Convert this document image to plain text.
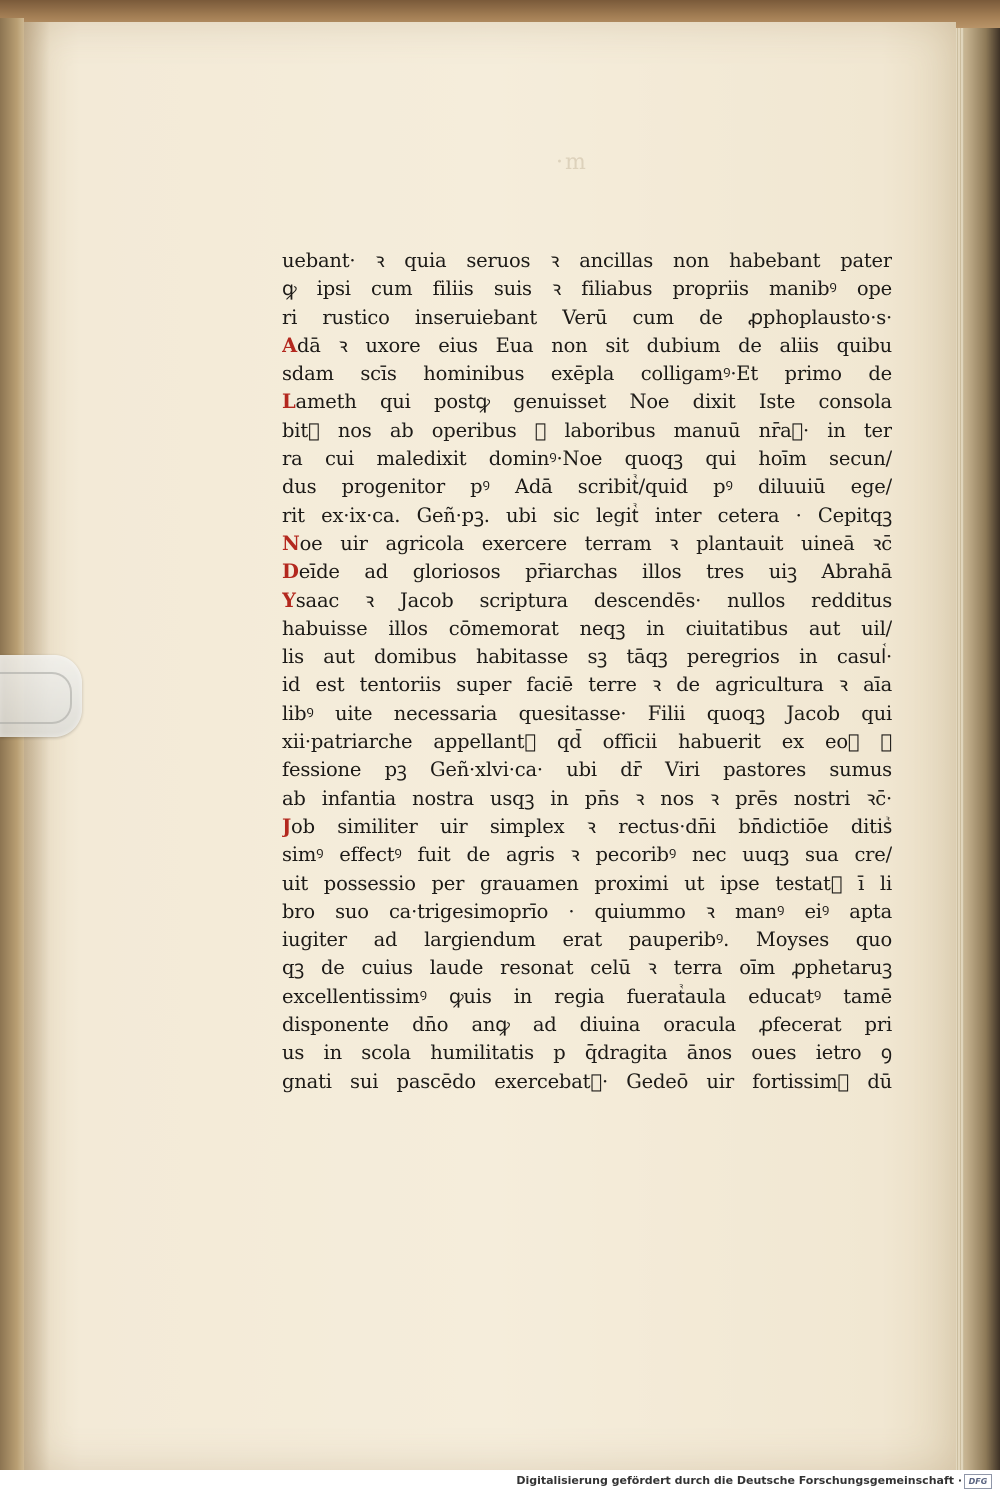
·m
uebant· ꝛ quia seruos ꝛ ancillas non habebant pater
ꝙ ipsi cum filiis suis ꝛ filiabus propriis manibꝰ ope
ri rustico inseruiebant Verū cum de ꝓphoplausto·s·
Adā ꝛ uxore eius Eua non sit dubium de aliis quibu
sdam scīs hominibus exēpla colligamꝰ·Et primo de
Lameth qui postꝙ genuisset Noe dixit Iste consola
bitᷣ nos ab operibus ꝛ laboribus manuū nr̄aꝝ· in ter
ra cui maledixit dominꝰ·Noe quoqꝫ qui hoīm secun/
dus progenitor pꝰ Adā scribitᷣ/quid pꝰ diluuiū ege/
rit ex·ix·ca. Geñ·pꝫ. ubi sic legitᷣ inter cetera · Cepitqꝫ
Noe uir agricola exercere terram ꝛ plantauit uineā ꝛc̄
Deīde ad gloriosos pr̄iarchas illos tres uiꝫ Abrahā
Ysaac ꝛ Jacob scriptura descendēs· nullos redditus
habuisse illos cōmemorat neqꝫ in ciuitatibus aut uil/
lis aut domibus habitasse sꝫ tāqꝫ peregrios in casulᷣ·
id est tentoriis super faciē terre ꝛ de agricultura ꝛ aīa
libꝰ uite necessaria quesitasse· Filii quoqꝫ Jacob qui
xii·patriarche appellantᷣ qd̄ officii habuerit ex eoꝝ ꝯ
fessione pꝫ Geñ·xlvi·ca· ubi dr̄ Viri pastores sumus
ab infantia nostra usqꝫ in pn̄s ꝛ nos ꝛ prēs nostri ꝛc̄·
Job similiter uir simplex ꝛ rectus·dn̄i bn̄dictiōe ditisᷣ
simꝰ effectꝰ fuit de agris ꝛ pecoribꝰ nec uuqꝫ sua cre/
uit possessio per grauamen proximi ut ipse testatᷣ ī li
bro suo ca·trigesimoprīo · quiummo ꝛ manꝰ eiꝰ apta
iugiter ad largiendum erat pauperibꝰ. Moyses quo
qꝫ de cuius laude resonat celū ꝛ terra oīm ꝓphetaruꝫ
excellentissimꝰ ꝙuis in regia fueratᷣaula educatꝰ tamē
disponente dn̄o anꝙ ad diuina oracula ꝓfecerat pri
us in scola humilitatis p q̄dragita ānos oues ietro ꝯ
gnati sui pascēdo exercebatᷣ· Gedeō uir fortissimꝰ dū
Digitalisierung gefördert durch die Deutsche Forschungsgemeinschaft · DFG
